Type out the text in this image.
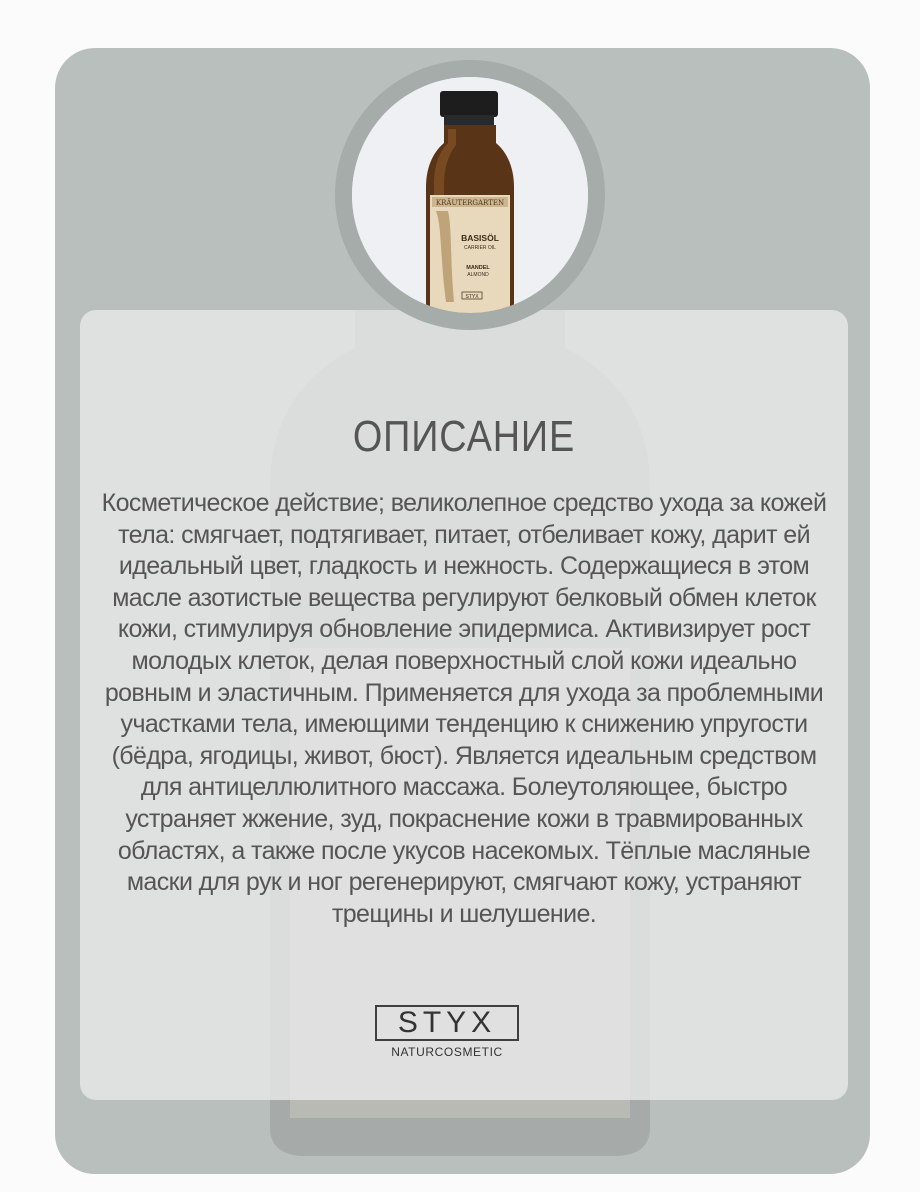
KRÄUTERGARTEN
BASISÖL
CARRIER OIL
MANDEL
ALMOND
STYX
ОПИСАНИЕ

Косметическое действие; великолепное средство ухода за кожей тела: смягчает, подтягивает, питает, отбеливает кожу, дарит ей идеальный цвет, гладкость и нежность. Содержащиеся в этом масле азотистые вещества регулируют белковый обмен клеток кожи, стимулируя обновление эпидермиса. Активизирует рост молодых клеток, делая поверхностный слой кожи идеально ровным и эластичным. Применяется для ухода за проблемными участками тела, имеющими тенденцию к снижению упругости (бёдра, ягодицы, живот, бюст). Является идеальным средством для антицеллюлитного массажа. Болеутоляющее, быстро устраняет жжение, зуд, покраснение кожи в травмированных областях, а также после укусов насекомых. Тёплые масляные маски для рук и ног регенерируют, смягчают кожу, устраняют трещины и шелушение.

STYX
NATURCOSMETIC
